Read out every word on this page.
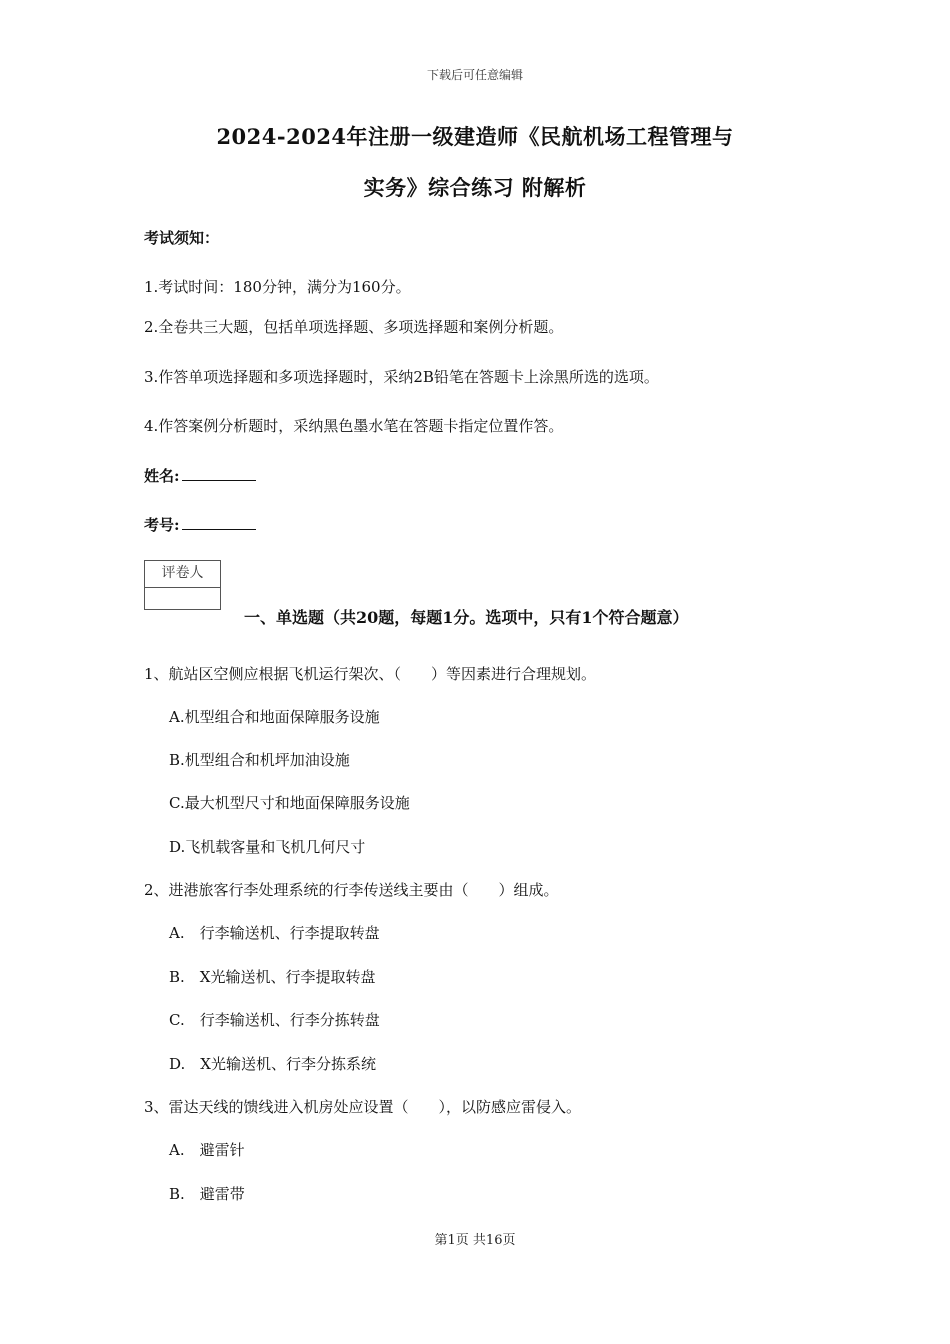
下载后可任意编辑
2024-2024年注册一级建造师《民航机场工程管理与
实务》综合练习 附解析
考试须知：
1.考试时间：180分钟，满分为160分。
2.全卷共三大题，包括单项选择题、多项选择题和案例分析题。
3.作答单项选择题和多项选择题时，采纳2B铅笔在答题卡上涂黑所选的选项。
4.作答案例分析题时，采纳黑色墨水笔在答题卡指定位置作答。
姓名:
考号:
评卷人
一、单选题（共20题，每题1分。选项中，只有1个符合题意）
1、航站区空侧应根据飞机运行架次、（　　）等因素进行合理规划。
A.机型组合和地面保障服务设施
B.机型组合和机坪加油设施
C.最大机型尺寸和地面保障服务设施
D.飞机载客量和飞机几何尺寸
2、进港旅客行李处理系统的行李传送线主要由（　　）组成。
A.　行李输送机、行李提取转盘
B.　X光输送机、行李提取转盘
C.　行李输送机、行李分拣转盘
D.　X光输送机、行李分拣系统
3、雷达天线的馈线进入机房处应设置（　　），以防感应雷侵入。
A.　避雷针
B.　避雷带
第1页 共16页
